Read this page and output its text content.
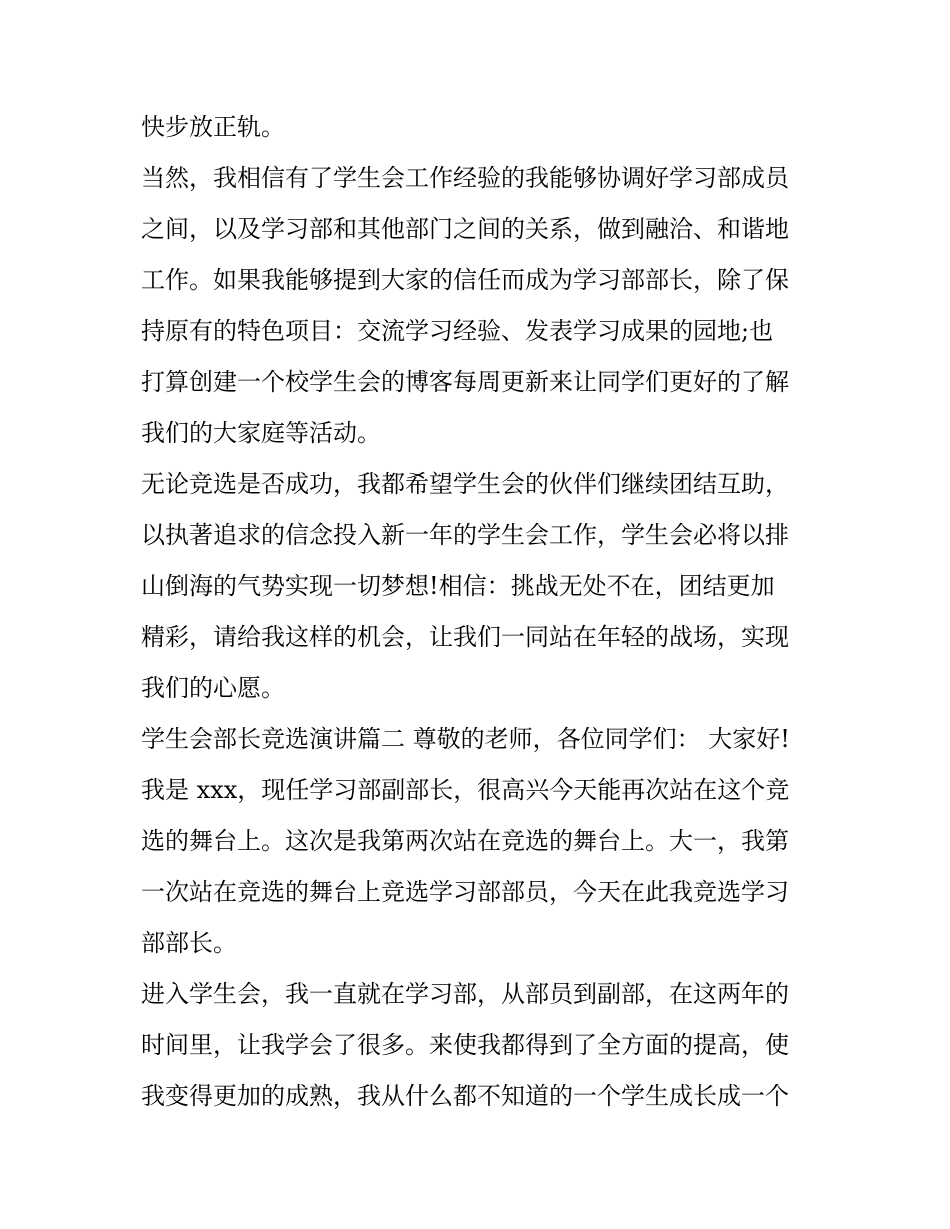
快步放正轨。
当然，我相信有了学生会工作经验的我能够协调好学习部成员
之间，以及学习部和其他部门之间的关系，做到融洽、和谐地
工作。如果我能够提到大家的信任而成为学习部部长，除了保
持原有的特色项目：交流学习经验、发表学习成果的园地;也
打算创建一个校学生会的博客每周更新来让同学们更好的了解
我们的大家庭等活动。
无论竞选是否成功，我都希望学生会的伙伴们继续团结互助，
以执著追求的信念投入新一年的学生会工作，学生会必将以排
山倒海的气势实现一切梦想!相信：挑战无处不在，团结更加
精彩，请给我这样的机会，让我们一同站在年轻的战场，实现
我们的心愿。
学生会部长竞选演讲篇二 尊敬的老师，各位同学们： 大家好!
我是 xxx，现任学习部副部长，很高兴今天能再次站在这个竞
选的舞台上。这次是我第两次站在竞选的舞台上。大一，我第
一次站在竞选的舞台上竞选学习部部员，今天在此我竞选学习
部部长。
进入学生会，我一直就在学习部，从部员到副部，在这两年的
时间里，让我学会了很多。来使我都得到了全方面的提高，使
我变得更加的成熟，我从什么都不知道的一个学生成长成一个
